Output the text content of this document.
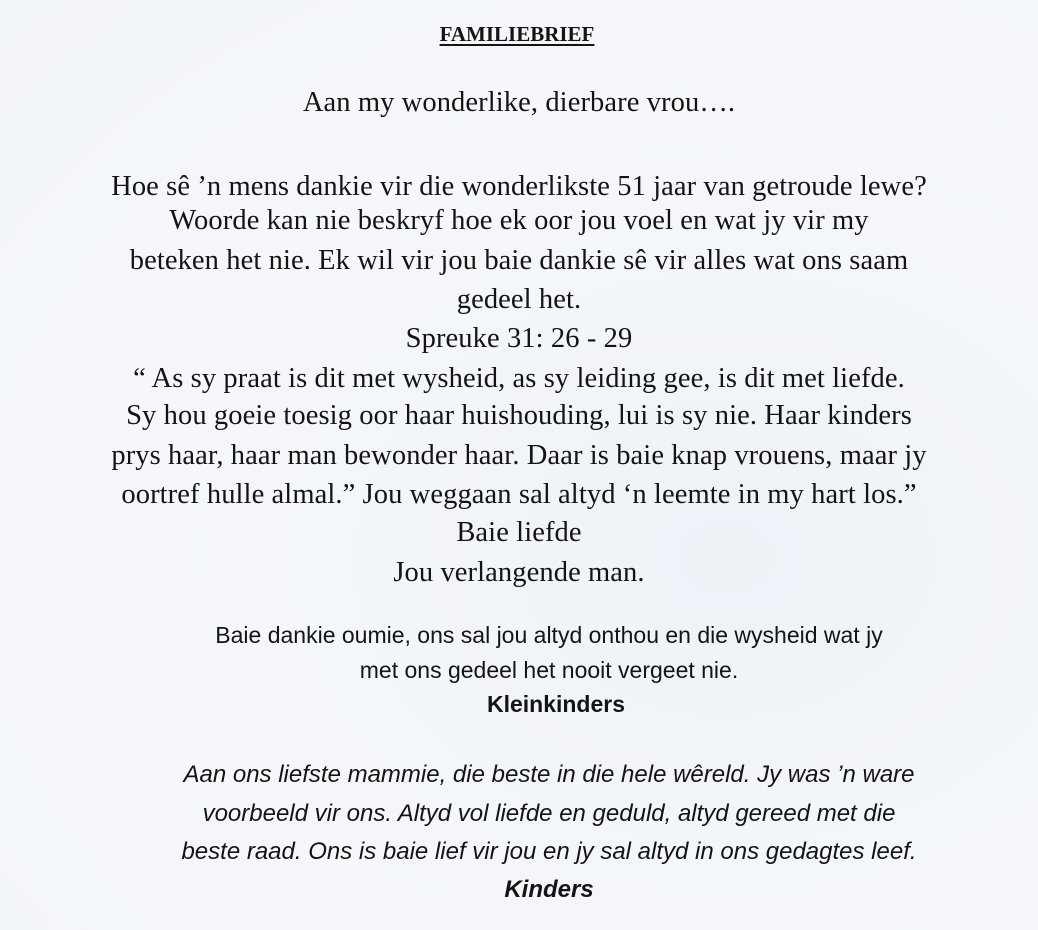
FAMILIEBRIEF
Aan my wonderlike, dierbare vrou….
Hoe sê ’n mens dankie vir die wonderlikste 51 jaar van getroude lewe?
Woorde kan nie beskryf hoe ek oor jou voel en wat jy vir my
beteken het nie. Ek wil vir jou baie dankie sê vir alles wat ons saam
gedeel het.
Spreuke 31: 26 - 29
“ As sy praat is dit met wysheid, as sy leiding gee, is dit met liefde.
Sy hou goeie toesig oor haar huishouding, lui is sy nie. Haar kinders
prys haar, haar man bewonder haar. Daar is baie knap vrouens, maar jy
oortref hulle almal.” Jou weggaan sal altyd ‘n leemte in my hart los.”
Baie liefde
Jou verlangende man.
Baie dankie oumie, ons sal jou altyd onthou en die wysheid wat jy
met ons gedeel het nooit vergeet nie.
Kleinkinders
Aan ons liefste mammie, die beste in die hele wêreld. Jy was ’n ware
voorbeeld vir ons. Altyd vol liefde en geduld, altyd gereed met die
beste raad. Ons is baie lief vir jou en jy sal altyd in ons gedagtes leef.
Kinders
